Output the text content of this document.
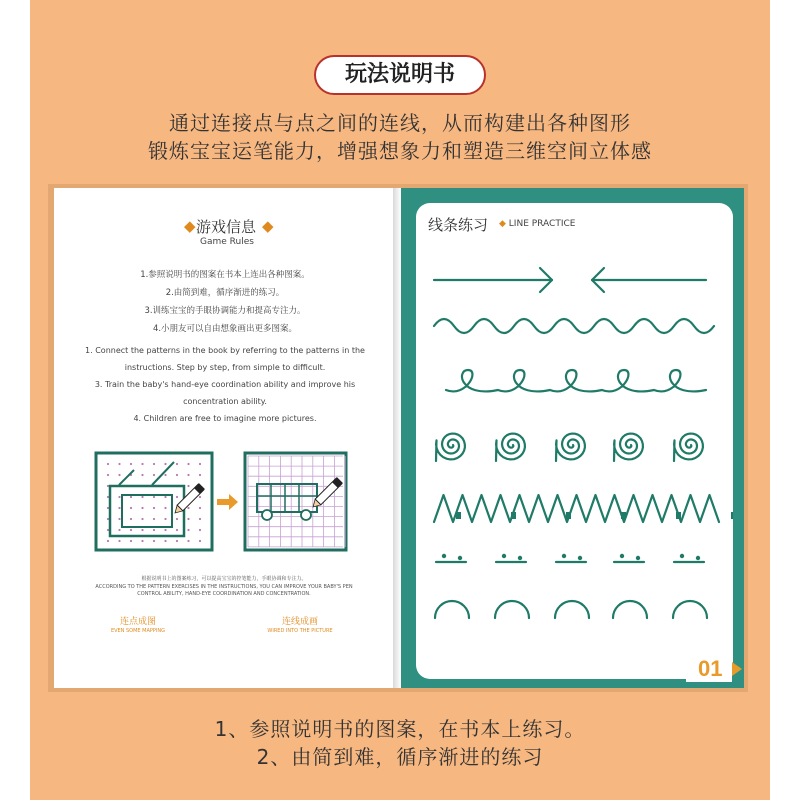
玩法说明书
通过连接点与点之间的连线，从而构建出各种图形
锻炼宝宝运笔能力，增强想象力和塑造三维空间立体感
◆ 游戏信息 ◆
Game Rules
1.参照说明书的图案在书本上连出各种图案。
2.由简到难，循序渐进的练习。
3.训练宝宝的手眼协调能力和提高专注力。
4.小朋友可以自由想象画出更多图案。
1. Connect the patterns in the book by referring to the patterns in the
instructions. Step by step, from simple to difficult.
3. Train the baby's hand-eye coordination ability and improve his
concentration ability.
4. Children are free to imagine more pictures.
根据说明书上的图案练习，可以提高宝宝的控笔能力，手眼协调和专注力。
ACCORDING TO THE PATTERN EXERCISES IN THE INSTRUCTIONS, YOU CAN IMPROVE YOUR BABY'S PEN
CONTROL ABILITY, HAND-EYE COORDINATION AND CONCENTRATION.
连点成图
EVEN SOME MAPPING
连线成画
WIRED INTO THE PICTURE
线条练习 ◆ LINE PRACTICE
01
1、参照说明书的图案，在书本上练习。
2、由简到难，循序渐进的练习
